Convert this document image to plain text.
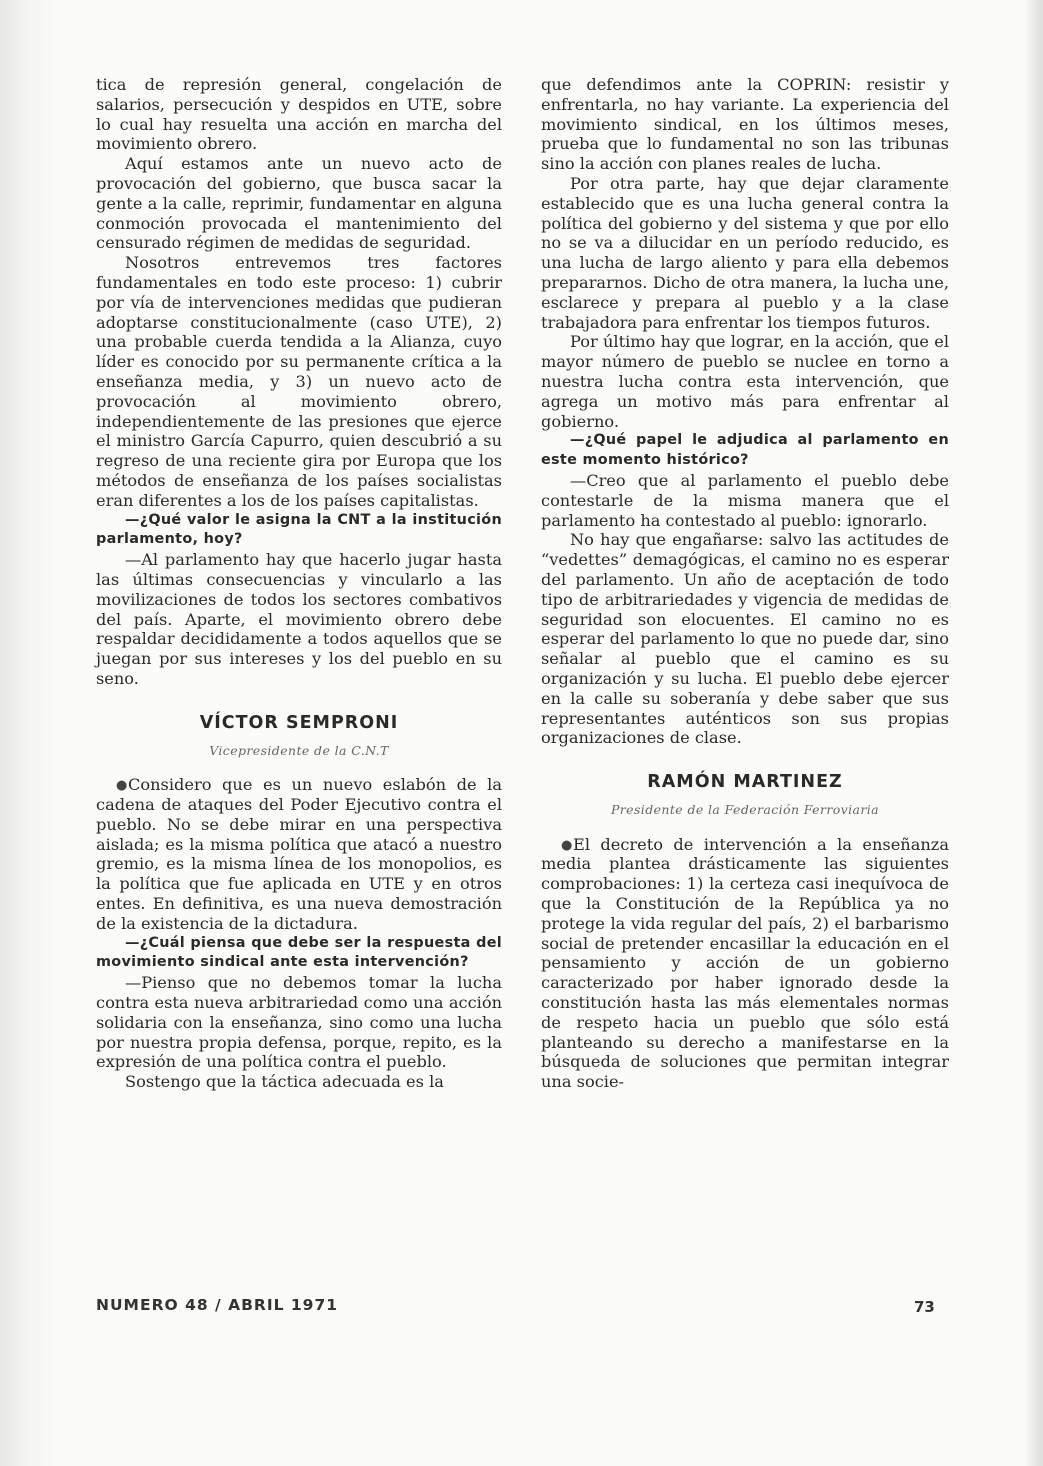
tica de represión general, congelación de salarios, persecución y despidos en UTE, sobre lo cual hay resuelta una acción en marcha del movimiento obrero.

Aquí estamos ante un nuevo acto de provocación del gobierno, que busca sacar la gente a la calle, reprimir, fundamentar en alguna conmoción provocada el mantenimiento del censurado régimen de medidas de seguridad.

Nosotros entrevemos tres factores fundamentales en todo este proceso: 1) cubrir por vía de intervenciones medidas que pudieran adoptarse constitucionalmente (caso UTE), 2) una probable cuerda tendida a la Alianza, cuyo líder es conocido por su permanente crítica a la enseñanza media, y 3) un nuevo acto de provocación al movimiento obrero, independientemente de las presiones que ejerce el ministro García Capurro, quien descubrió a su regreso de una reciente gira por Europa que los métodos de enseñanza de los países socialistas eran diferentes a los de los países capitalistas.

—¿Qué valor le asigna la CNT a la institución parlamento, hoy?

—Al parlamento hay que hacerlo jugar hasta las últimas consecuencias y vincularlo a las movilizaciones de todos los sectores combativos del país. Aparte, el movimiento obrero debe respaldar decididamente a todos aquellos que se juegan por sus intereses y los del pueblo en su seno.

VÍCTOR SEMPRONI
Vicepresidente de la C.N.T

● Considero que es un nuevo eslabón de la cadena de ataques del Poder Ejecutivo contra el pueblo. No se debe mirar en una perspectiva aislada; es la misma política que atacó a nuestro gremio, es la misma línea de los monopolios, es la política que fue aplicada en UTE y en otros entes. En definitiva, es una nueva demostración de la existencia de la dictadura.

—¿Cuál piensa que debe ser la respuesta del movimiento sindical ante esta intervención?

—Pienso que no debemos tomar la lucha contra esta nueva arbitrariedad como una acción solidaria con la enseñanza, sino como una lucha por nuestra propia defensa, porque, repito, es la expresión de una política contra el pueblo.

Sostengo que la táctica adecuada es la

que defendimos ante la COPRIN: resistir y enfrentarla, no hay variante. La experiencia del movimiento sindical, en los últimos meses, prueba que lo fundamental no son las tribunas sino la acción con planes reales de lucha.

Por otra parte, hay que dejar claramente establecido que es una lucha general contra la política del gobierno y del sistema y que por ello no se va a dilucidar en un período reducido, es una lucha de largo aliento y para ella debemos prepararnos. Dicho de otra manera, la lucha une, esclarece y prepara al pueblo y a la clase trabajadora para enfrentar los tiempos futuros.

Por último hay que lograr, en la acción, que el mayor número de pueblo se nuclee en torno a nuestra lucha contra esta intervención, que agrega un motivo más para enfrentar al gobierno.

—¿Qué papel le adjudica al parlamento en este momento histórico?

—Creo que al parlamento el pueblo debe contestarle de la misma manera que el parlamento ha contestado al pueblo: ignorarlo.

No hay que engañarse: salvo las actitudes de “vedettes” demagógicas, el camino no es esperar del parlamento. Un año de aceptación de todo tipo de arbitrariedades y vigencia de medidas de seguridad son elocuentes. El camino no es esperar del parlamento lo que no puede dar, sino señalar al pueblo que el camino es su organización y su lucha. El pueblo debe ejercer en la calle su soberanía y debe saber que sus representantes auténticos son sus propias organizaciones de clase.

RAMÓN MARTINEZ
Presidente de la Federación Ferroviaria

● El decreto de intervención a la enseñanza media plantea drásticamente las siguientes comprobaciones: 1) la certeza casi inequívoca de que la Constitución de la República ya no protege la vida regular del país, 2) el barbarismo social de pretender encasillar la educación en el pensamiento y acción de un gobierno caracterizado por haber ignorado desde la constitución hasta las más elementales normas de respeto hacia un pueblo que sólo está planteando su derecho a manifestarse en la búsqueda de soluciones que permitan integrar una socie-

NUMERO 48 / ABRIL 1971	73
